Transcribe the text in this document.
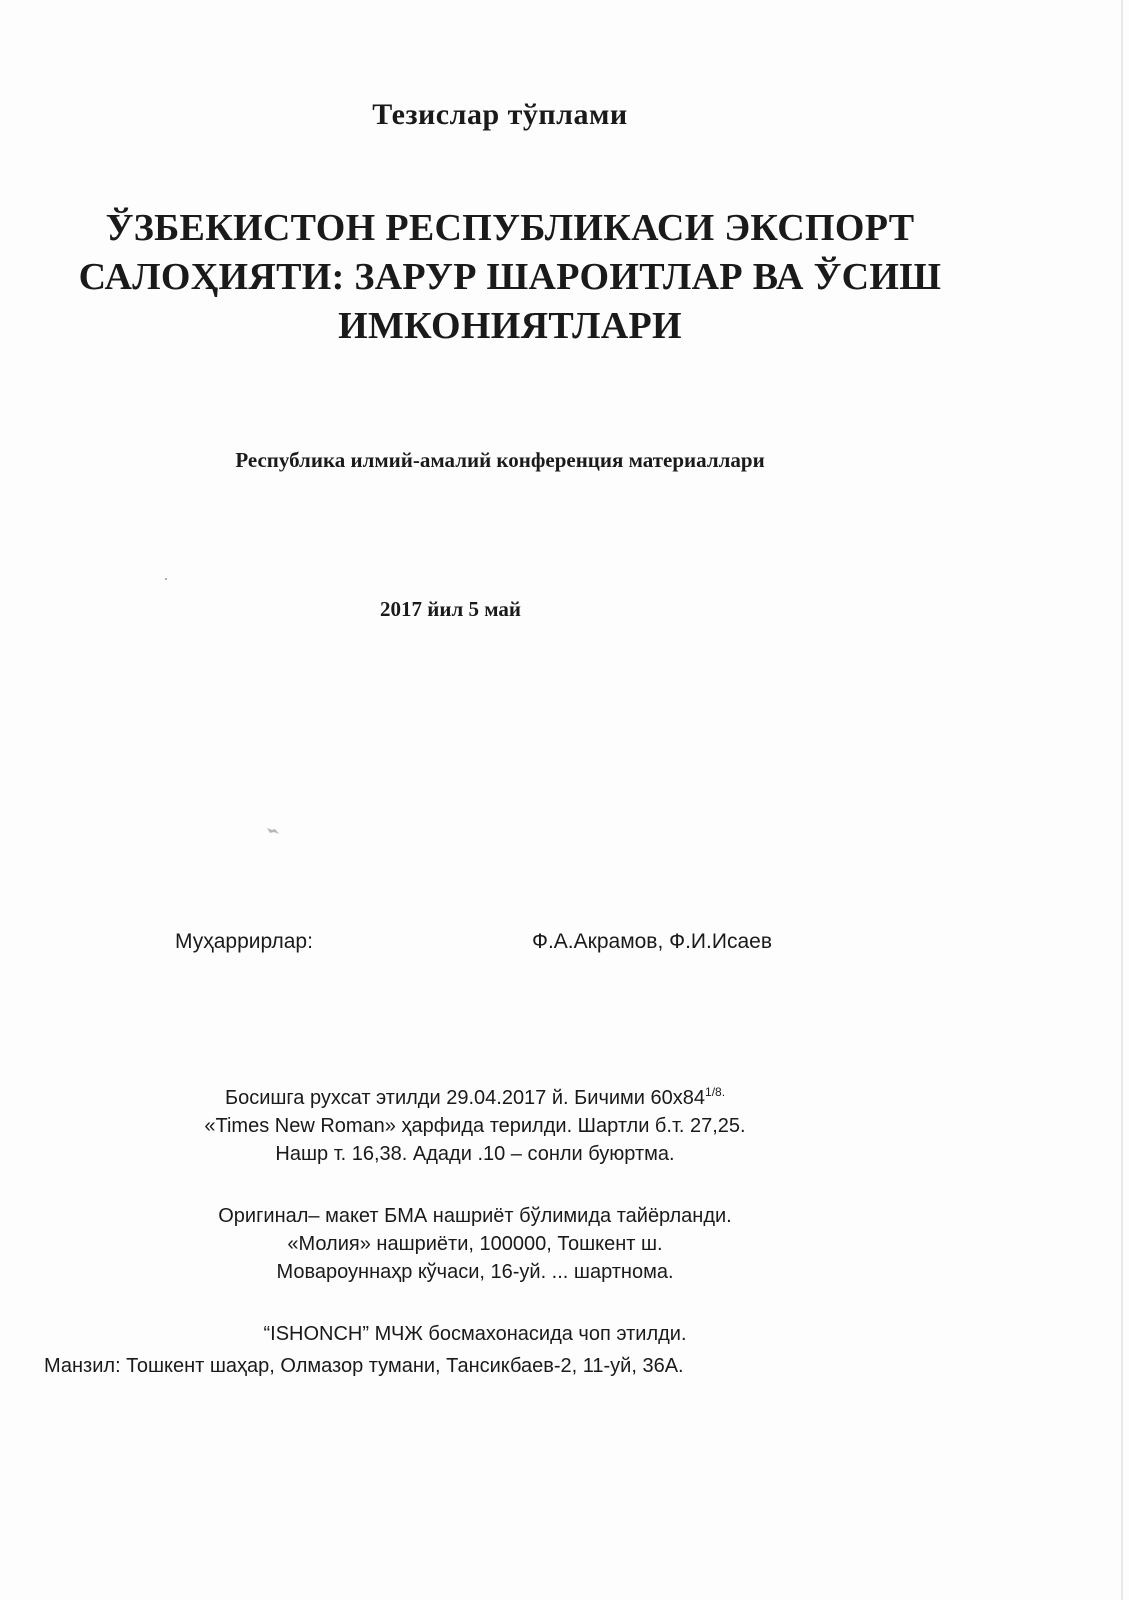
Тезислар тўплами
ЎЗБЕКИСТОН РЕСПУБЛИКАСИ ЭКСПОРТ
САЛОҲИЯТИ: ЗАРУР ШАРОИТЛАР ВА ЎСИШ
ИМКОНИЯТЛАРИ
Республика илмий-амалий конференция материаллари
2017 йил 5 май
Муҳаррирлар:	Ф.А.Акрамов, Ф.И.Исаев
Босишга рухсат этилди 29.04.2017 й. Бичими $60х84^{1/8.}$
«Times New Roman» ҳарфида терилди. Шартли б.т. 27,25.
Нашр т. 16,38. Адади .10 – сонли буюртма.
Оригинал– макет БМА нашриёт бўлимида тайёрланди.
«Молия» нашриёти, 100000, Тошкент ш.
Мовароуннаҳр кўчаси, 16-уй. ... шартнома.
“ISHONCH” МЧЖ босмахонасида чоп этилди.
Манзил: Тошкент шаҳар, Олмазор тумани, Тансикбаев-2, 11-уй, 36А.
